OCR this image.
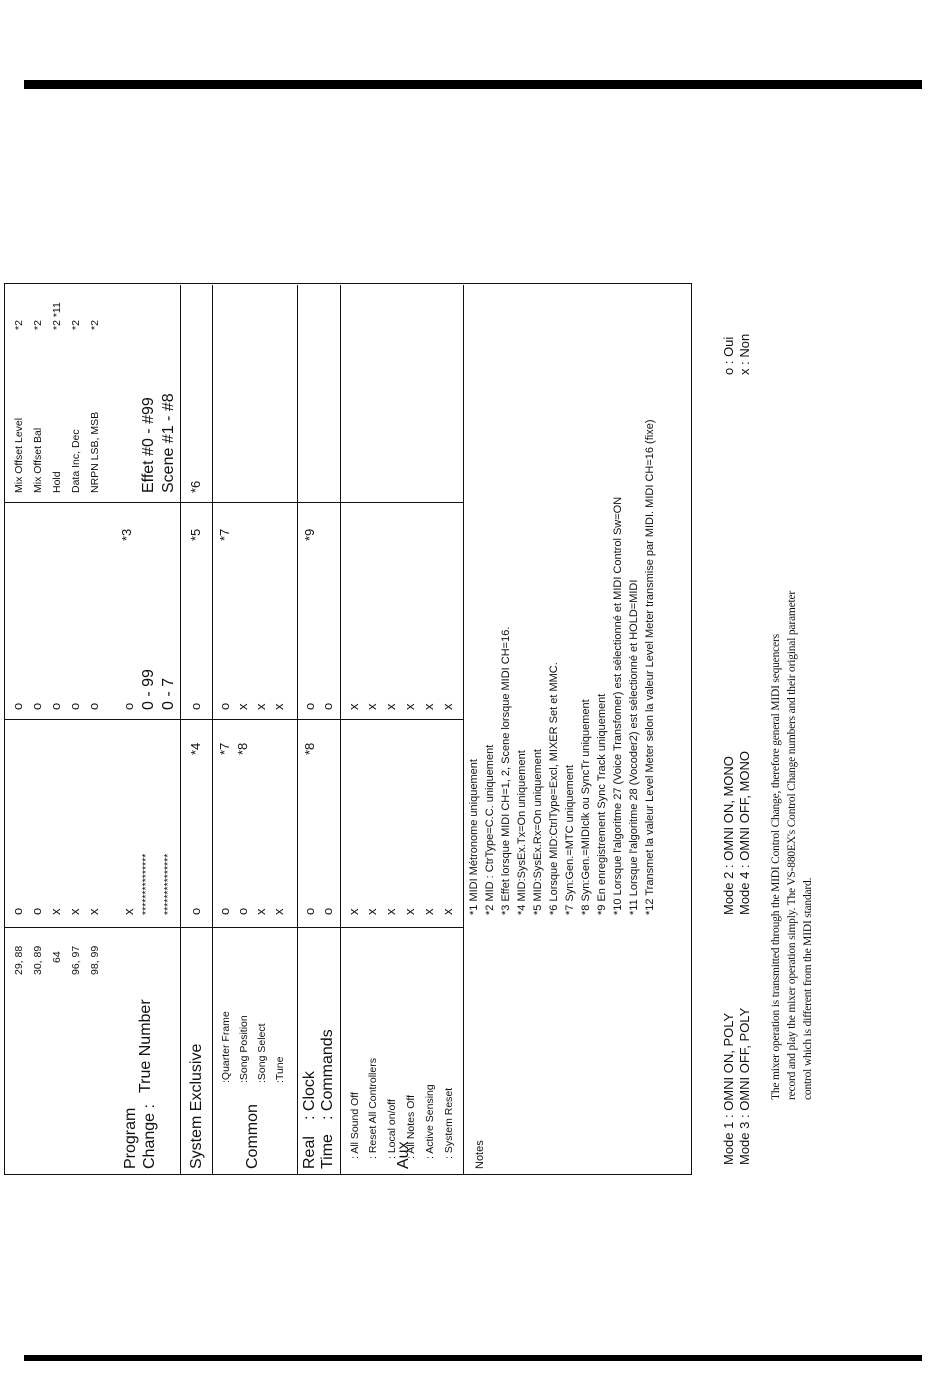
29, 88 30, 89 64 96, 97 98, 99
o o x x x
o o o o o
Mix Offset Level Mix Offset Bal Hold Data Inc, Dec NRPN LSB, MSB
*2 *2 *2 *11 *2 *2
Program Change :
True Number
x *************** ***************
o 0 - 99 0 - 7
*3
Effet #0 - #99 Scene #1 - #8
System Exclusive
o
*4
o
*5
*6
Common
:Quarter Frame :Song Position :Song Select :Tune
o o x x
*7 *8
o x x x
*7
Real Time
: Clock : Commands
o o
*8
o o
*9
Aux
: All Sound Off : Reset All Controllers : Local on/off : All Notes Off : Active Sensing : System Reset
x x x x x x
x x x x x x
Notes
*1 MIDI Métronome uniquement *2 MID : CtrType=C.C. uniquement *3 Effet lorsque MIDI CH=1, 2, Scene lorsque MIDI CH=16. *4 MID:SysEx.Tx=On uniquement *5 MID:SysEx.Rx=On uniquement *6 Lorsque MID:CtrlType=Excl, MIXER Set et MMC. *7 Syn:Gen.=MTC uniquement *8 Syn:Gen.=MIDIclk ou SyncTr uniquement *9 En enregistrement Sync Track uniquement *10 Lorsque l'algoritme 27 (Voice Transfomer) est sélectionné et MIDI Control Sw=ON *11 Lorsque l'algoritme 28 (Vocoder2) est sélectionné et HOLD=MIDI *12 Transmet la valeur Level Meter selon la valeur Level Meter transmise par MIDI. MIDI CH=16 (fixe)
Mode 1 : OMNI ON, POLY Mode 3 : OMNI OFF, POLY
Mode 2 : OMNI ON, MONO Mode 4 : OMNI OFF, MONO
o : Oui x : Non
The mixer operation is transmitted through the MIDI Control Change, therefore general MIDI sequencers record and play the mixer operation simply. The VS-880EX's Control Change numbers and their original parameter control which is different from the MIDI standard.
